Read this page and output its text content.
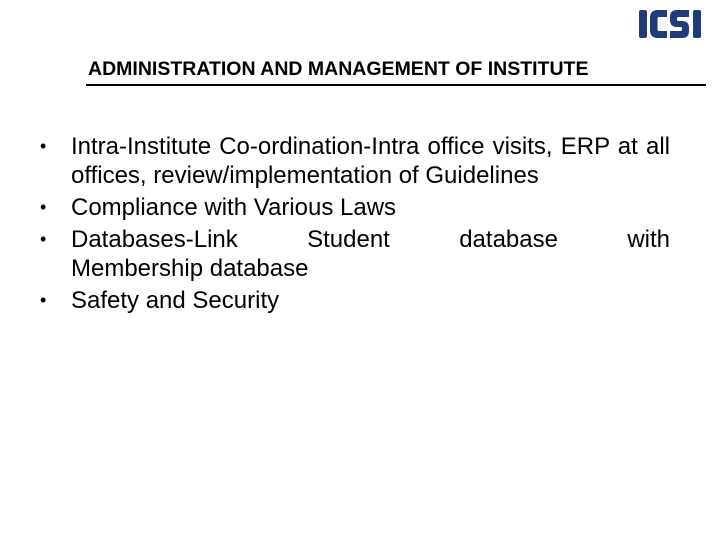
ADMINISTRATION AND MANAGEMENT OF INSTITUTE
•	Intra-Institute Co-ordination-Intra office visits, ERP at all offices, review/implementation of Guidelines
•	Compliance with Various Laws
•	Databases-Link Student database with
Membership database
•	Safety and Security
